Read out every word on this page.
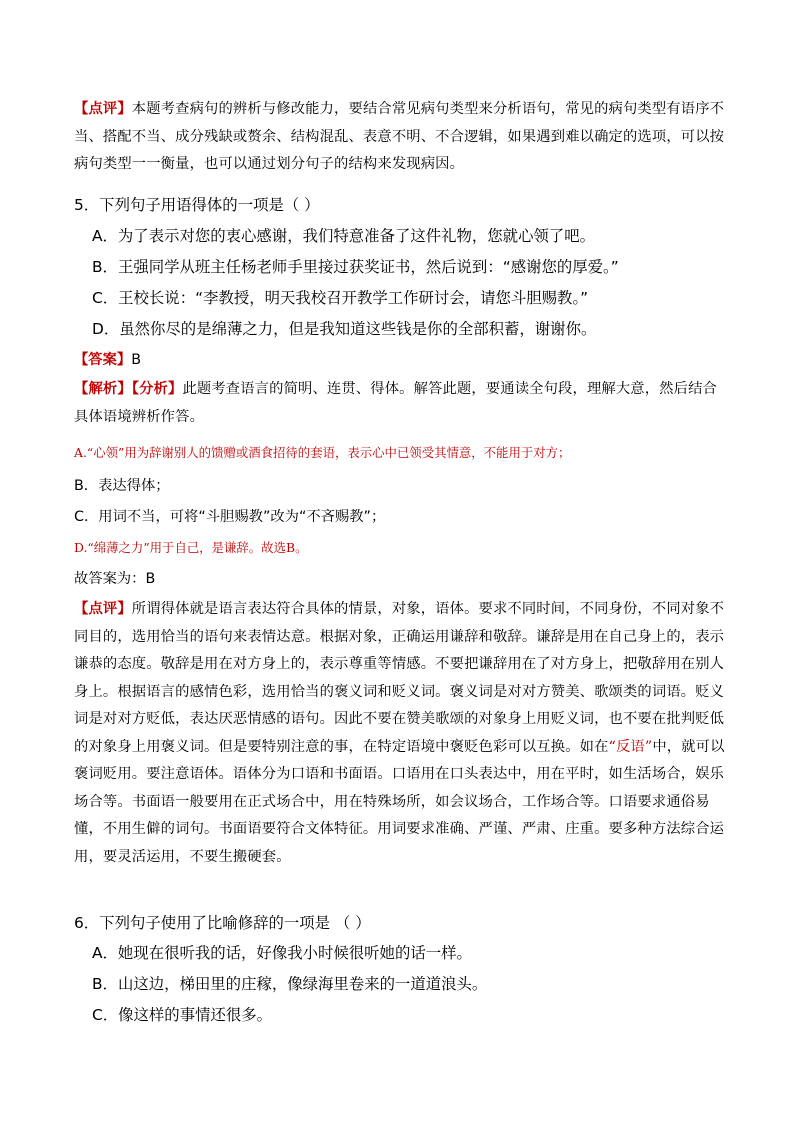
【点评】本题考查病句的辨析与修改能力，要结合常见病句类型来分析语句，常见的病句类型有语序不当、搭配不当、成分残缺或赘余、结构混乱、表意不明、不合逻辑，如果遇到难以确定的选项，可以按病句类型一一衡量，也可以通过划分句子的结构来发现病因。
5．下列句子用语得体的一项是（ ）
A．为了表示对您的衷心感谢，我们特意准备了这件礼物，您就心领了吧。
B．王强同学从班主任杨老师手里接过获奖证书，然后说到：“感谢您的厚爱。”
C．王校长说：“李教授，明天我校召开教学工作研讨会，请您斗胆赐教。”
D．虽然你尽的是绵薄之力，但是我知道这些钱是你的全部积蓄，谢谢你。
【答案】B
【解析】【分析】此题考查语言的简明、连贯、得体。解答此题，要通读全句段，理解大意，然后结合具体语境辨析作答。
A.“心领”用为辞谢别人的馈赠或酒食招待的套语，表示心中已领受其情意，不能用于对方；
B．表达得体；
C．用词不当，可将“斗胆赐教”改为“不吝赐教”；
D.“绵薄之力”用于自己，是谦辞。故选B。
故答案为：B
【点评】所谓得体就是语言表达符合具体的情景，对象，语体。要求不同时间，不同身份，不同对象不同目的，选用恰当的语句来表情达意。根据对象，正确运用谦辞和敬辞。谦辞是用在自己身上的，表示谦恭的态度。敬辞是用在对方身上的，表示尊重等情感。不要把谦辞用在了对方身上，把敬辞用在别人身上。根据语言的感情色彩，选用恰当的褒义词和贬义词。褒义词是对对方赞美、歌颂类的词语。贬义词是对对方贬低，表达厌恶情感的语句。因此不要在赞美歌颂的对象身上用贬义词，也不要在批判贬低的对象身上用褒义词。但是要特别注意的事，在特定语境中褒贬色彩可以互换。如在“反语”中，就可以褒词贬用。要注意语体。语体分为口语和书面语。口语用在口头表达中，用在平时，如生活场合，娱乐场合等。书面语一般要用在正式场合中，用在特殊场所，如会议场合，工作场合等。口语要求通俗易懂，不用生僻的词句。书面语要符合文体特征。用词要求准确、严谨、严肃、庄重。要多种方法综合运用，要灵活运用，不要生搬硬套。
6．下列句子使用了比喻修辞的一项是 （ ）
A．她现在很听我的话，好像我小时候很听她的话一样。
B．山这边，梯田里的庄稼，像绿海里卷来的一道道浪头。
C．像这样的事情还很多。
